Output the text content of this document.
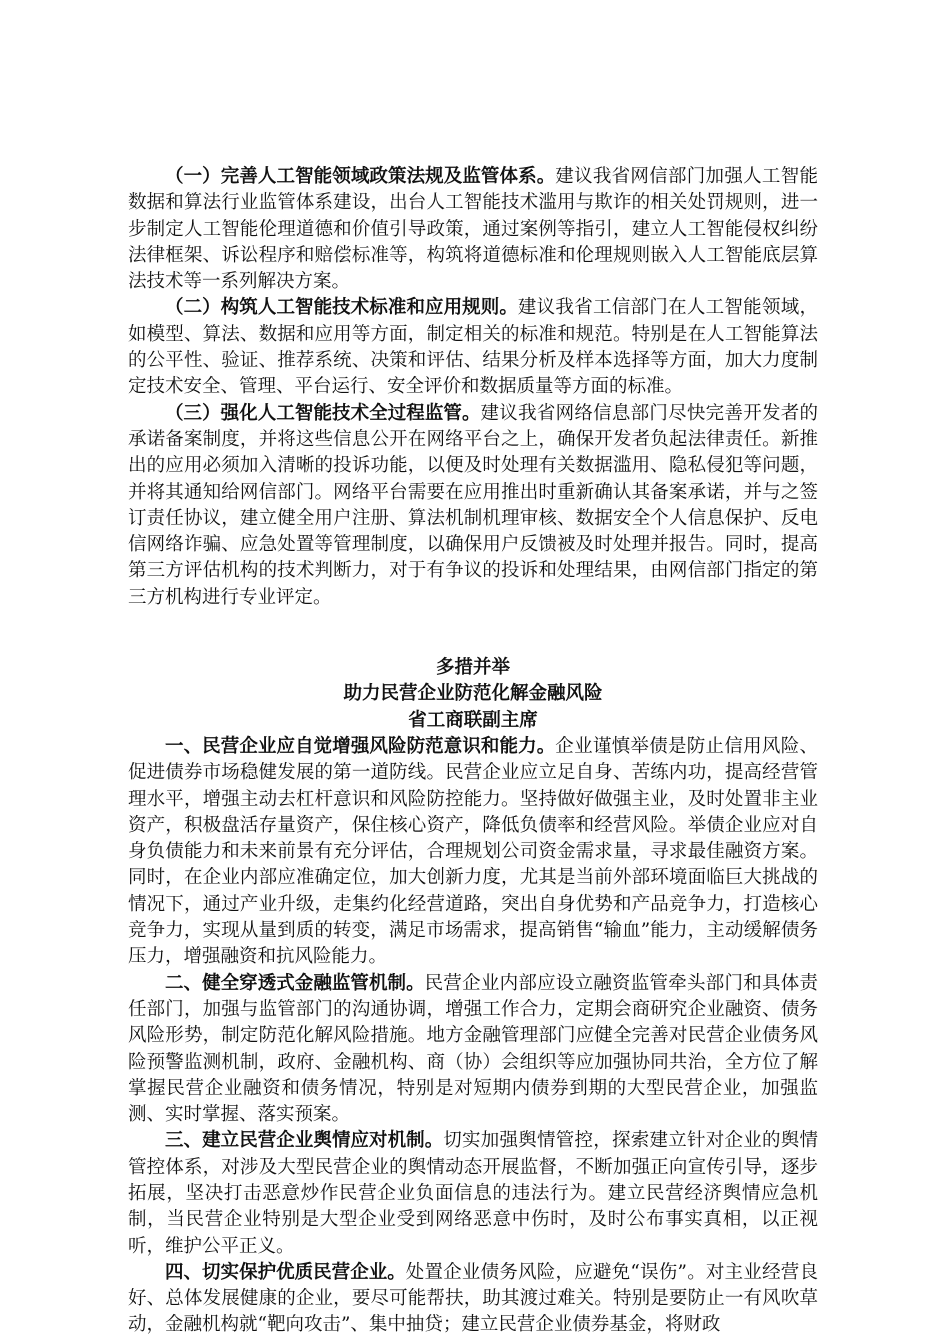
（一）完善人工智能领域政策法规及监管体系。建议我省网信部门加强人工智能数据和算法行业监管体系建设，出台人工智能技术滥用与欺诈的相关处罚规则，进一步制定人工智能伦理道德和价值引导政策，通过案例等指引，建立人工智能侵权纠纷法律框架、诉讼程序和赔偿标准等，构筑将道德标准和伦理规则嵌入人工智能底层算法技术等一系列解决方案。

（二）构筑人工智能技术标准和应用规则。建议我省工信部门在人工智能领域，如模型、算法、数据和应用等方面，制定相关的标准和规范。特别是在人工智能算法的公平性、验证、推荐系统、决策和评估、结果分析及样本选择等方面，加大力度制定技术安全、管理、平台运行、安全评价和数据质量等方面的标准。

（三）强化人工智能技术全过程监管。建议我省网络信息部门尽快完善开发者的承诺备案制度，并将这些信息公开在网络平台之上，确保开发者负起法律责任。新推出的应用必须加入清晰的投诉功能，以便及时处理有关数据滥用、隐私侵犯等问题，并将其通知给网信部门。网络平台需要在应用推出时重新确认其备案承诺，并与之签订责任协议，建立健全用户注册、算法机制机理审核、数据安全个人信息保护、反电信网络诈骗、应急处置等管理制度，以确保用户反馈被及时处理并报告。同时，提高第三方评估机构的技术判断力，对于有争议的投诉和处理结果，由网信部门指定的第三方机构进行专业评定。

多措并举

助力民营企业防范化解金融风险

省工商联副主席

一、民营企业应自觉增强风险防范意识和能力。企业谨慎举债是防止信用风险、促进债券市场稳健发展的第一道防线。民营企业应立足自身、苦练内功，提高经营管理水平，增强主动去杠杆意识和风险防控能力。坚持做好做强主业，及时处置非主业资产，积极盘活存量资产，保住核心资产，降低负债率和经营风险。举债企业应对自身负债能力和未来前景有充分评估，合理规划公司资金需求量，寻求最佳融资方案。同时，在企业内部应准确定位，加大创新力度，尤其是当前外部环境面临巨大挑战的情况下，通过产业升级，走集约化经营道路，突出自身优势和产品竞争力，打造核心竞争力，实现从量到质的转变，满足市场需求，提高销售“输血”能力，主动缓解债务压力，增强融资和抗风险能力。

二、健全穿透式金融监管机制。民营企业内部应设立融资监管牵头部门和具体责任部门，加强与监管部门的沟通协调，增强工作合力，定期会商研究企业融资、债务风险形势，制定防范化解风险措施。地方金融管理部门应健全完善对民营企业债务风险预警监测机制，政府、金融机构、商（协）会组织等应加强协同共治，全方位了解掌握民营企业融资和债务情况，特别是对短期内债券到期的大型民营企业，加强监测、实时掌握、落实预案。

三、建立民营企业舆情应对机制。切实加强舆情管控，探索建立针对企业的舆情管控体系，对涉及大型民营企业的舆情动态开展监督，不断加强正向宣传引导，逐步拓展，坚决打击恶意炒作民营企业负面信息的违法行为。建立民营经济舆情应急机制，当民营企业特别是大型企业受到网络恶意中伤时，及时公布事实真相，以正视听，维护公平正义。

四、切实保护优质民营企业。处置企业债务风险，应避免“误伤”。对主业经营良好、总体发展健康的企业，要尽可能帮扶，助其渡过难关。特别是要防止一有风吹草动，金融机构就“靶向攻击”、集中抽贷；建立民营企业债券基金，将财政
